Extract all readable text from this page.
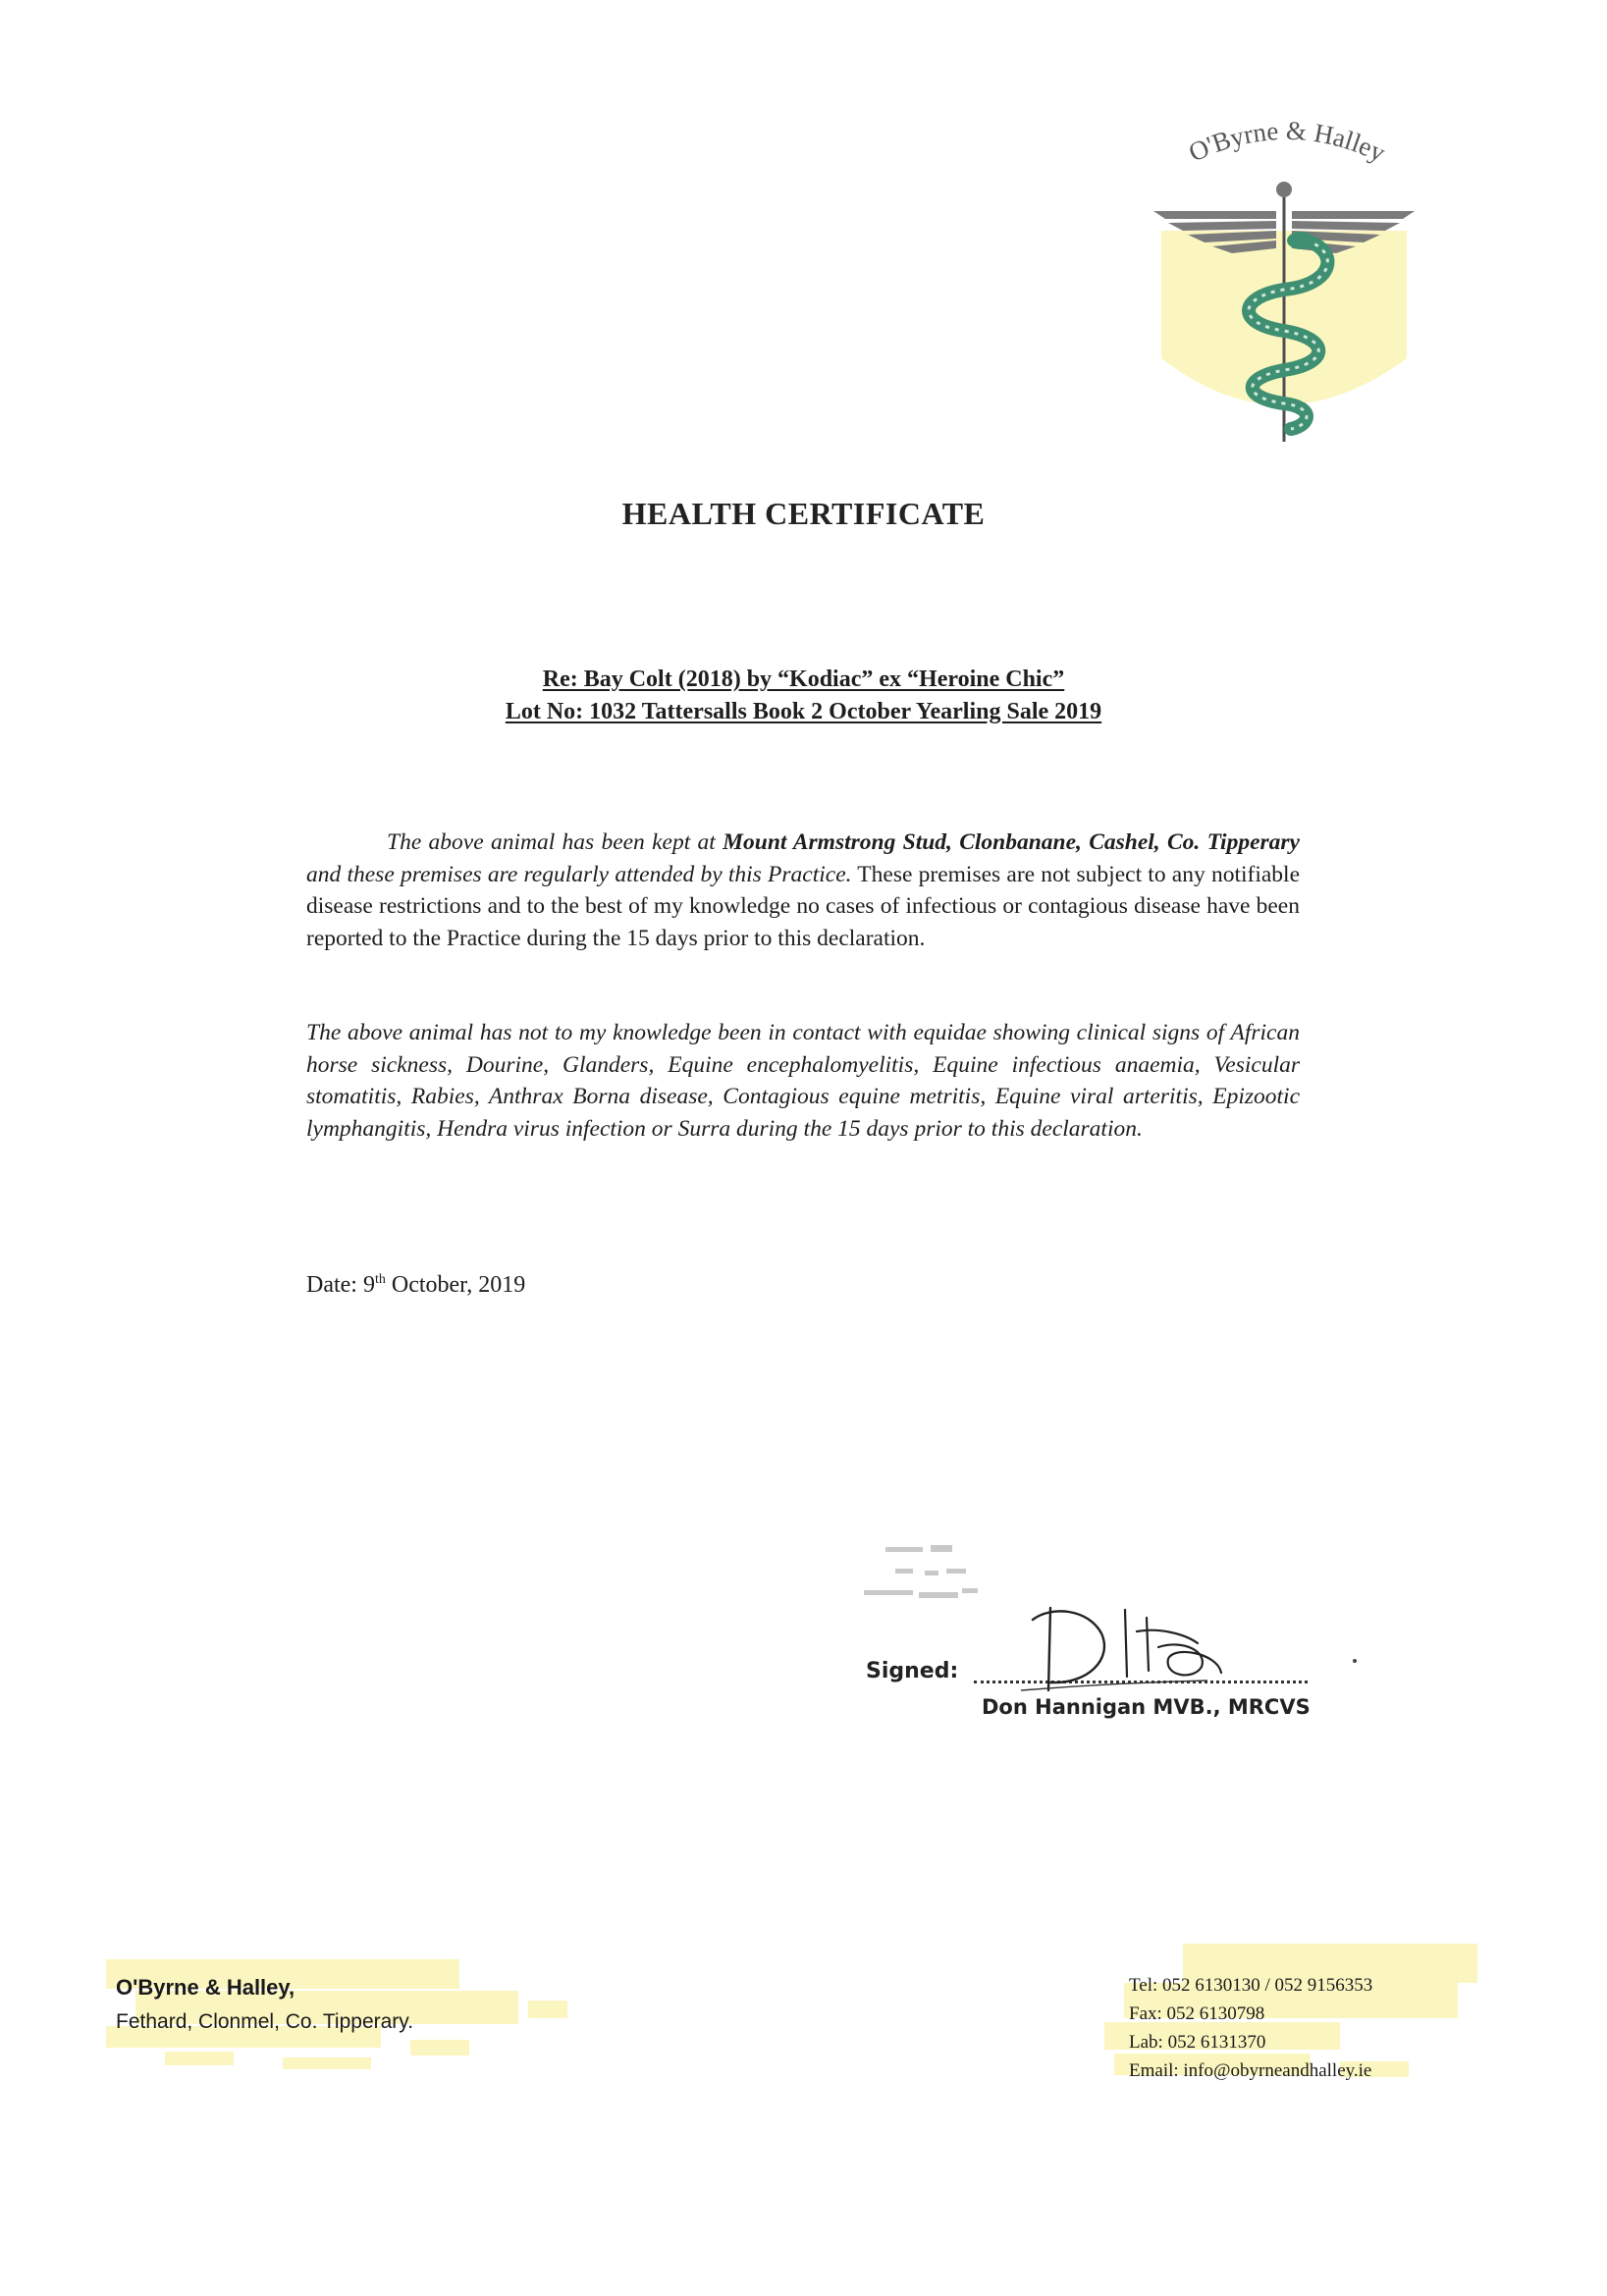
O'Byrne & Halley
HEALTH CERTIFICATE
Re: Bay Colt (2018) by “Kodiac” ex “Heroine Chic”
Lot No: 1032 Tattersalls Book 2 October Yearling Sale 2019
The above animal has been kept at Mount Armstrong Stud, Clonbanane, Cashel, Co. Tipperary and these premises are regularly attended by this Practice. These premises are not subject to any notifiable disease restrictions and to the best of my knowledge no cases of infectious or contagious disease have been reported to the Practice during the 15 days prior to this declaration.
The above animal has not to my knowledge been in contact with equidae showing clinical signs of African horse sickness, Dourine, Glanders, Equine encephalomyelitis, Equine infectious anaemia, Vesicular stomatitis, Rabies, Anthrax Borna disease, Contagious equine metritis, Equine viral arteritis, Epizootic lymphangitis, Hendra virus infection or Surra during the 15 days prior to this declaration.
Date: 9th October, 2019
Signed:
Don Hannigan MVB., MRCVS
O'Byrne & Halley,
Fethard, Clonmel, Co. Tipperary.
Tel: 052 6130130 / 052 9156353
Fax: 052 6130798
Lab: 052 6131370
Email: info@obyrneandhalley.ie
